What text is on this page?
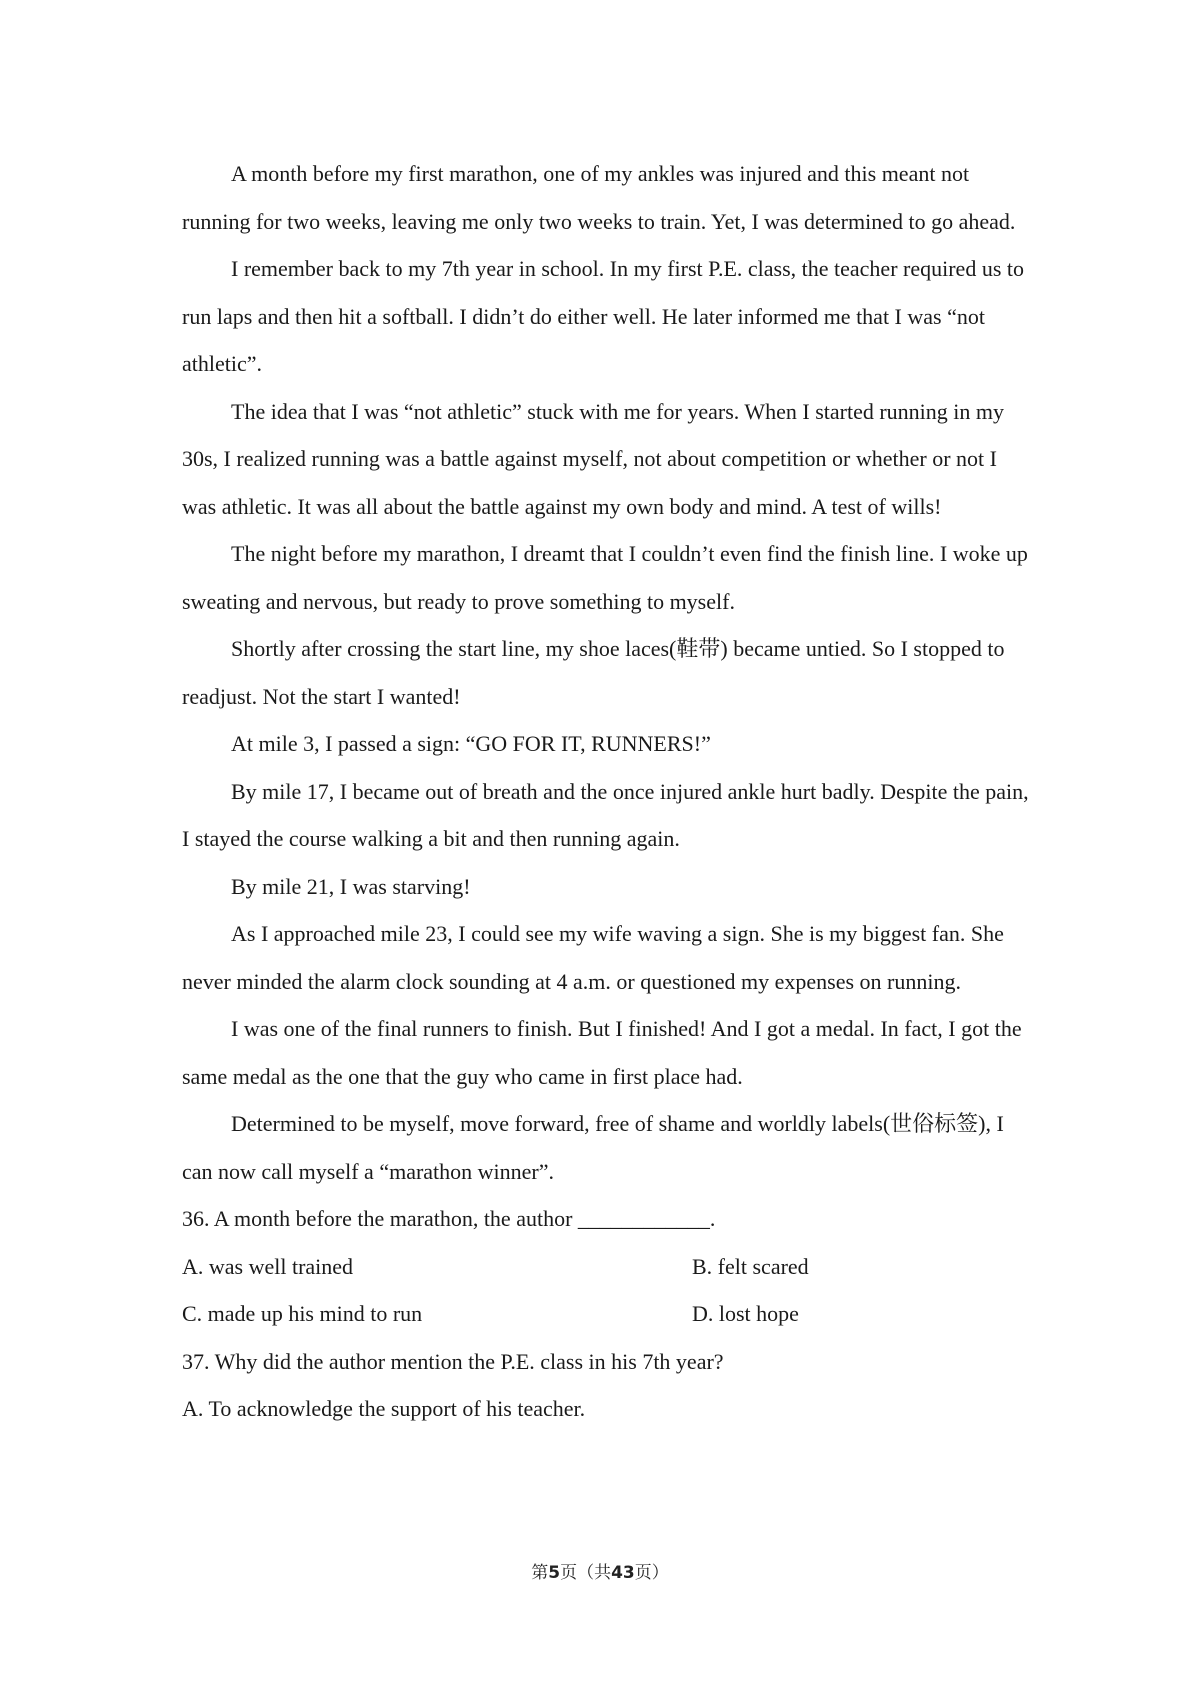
A month before my first marathon, one of my ankles was injured and this meant not running for two weeks, leaving me only two weeks to train. Yet, I was determined to go ahead.

I remember back to my 7th year in school. In my first P.E. class, the teacher required us to run laps and then hit a softball. I didn’t do either well. He later informed me that I was “not athletic”.

The idea that I was “not athletic” stuck with me for years. When I started running in my 30s, I realized running was a battle against myself, not about competition or whether or not I was athletic. It was all about the battle against my own body and mind. A test of wills!

The night before my marathon, I dreamt that I couldn’t even find the finish line. I woke up sweating and nervous, but ready to prove something to myself.

Shortly after crossing the start line, my shoe laces(鞋带) became untied. So I stopped to readjust. Not the start I wanted!

At mile 3, I passed a sign: “GO FOR IT, RUNNERS!”

By mile 17, I became out of breath and the once injured ankle hurt badly. Despite the pain, I stayed the course walking a bit and then running again.

By mile 21, I was starving!

As I approached mile 23, I could see my wife waving a sign. She is my biggest fan. She never minded the alarm clock sounding at 4 a.m. or questioned my expenses on running.

I was one of the final runners to finish. But I finished! And I got a medal. In fact, I got the same medal as the one that the guy who came in first place had.

Determined to be myself, move forward, free of shame and worldly labels(世俗标签), I can now call myself a “marathon winner”.

36. A month before the marathon, the author ____________.

A. was well trained	B. felt scared
C. made up his mind to run	D. lost hope

37. Why did the author mention the P.E. class in his 7th year?

A. To acknowledge the support of his teacher.

第5页（共43页）
